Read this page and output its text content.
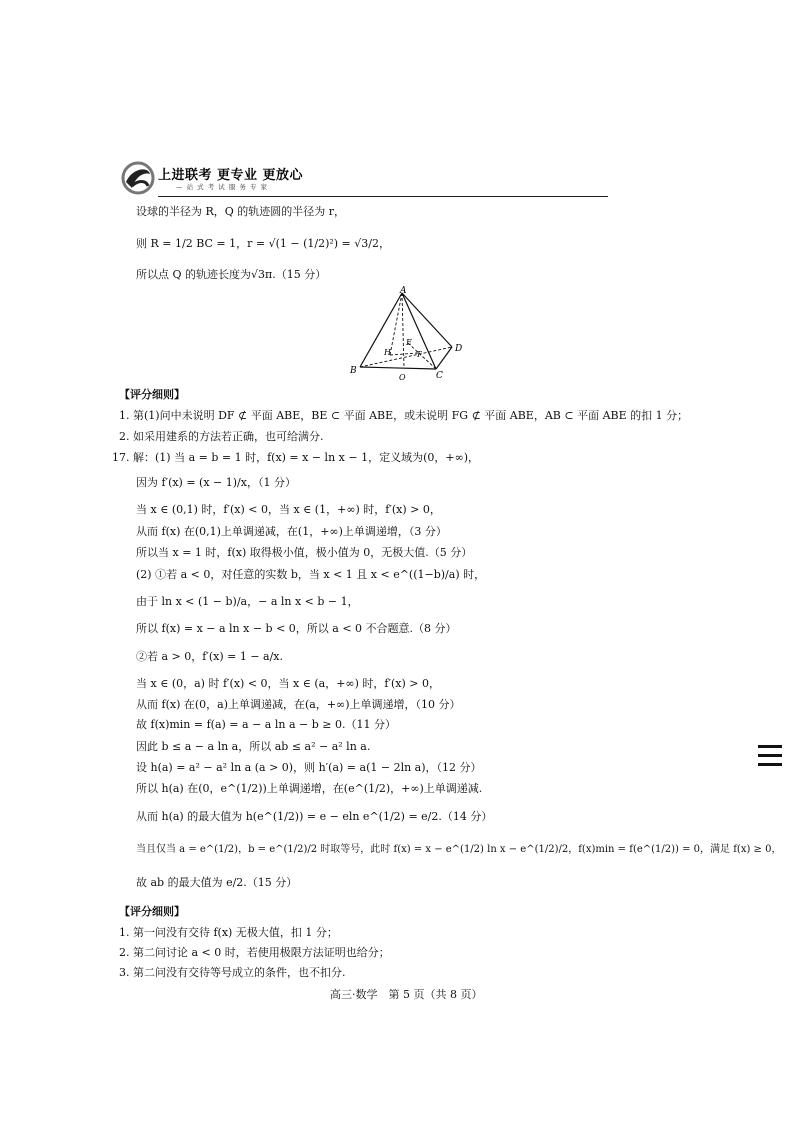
上进联考 更专业 更放心
— 站 式 考 试 服 务 专 家
设球的半径为 R，Q 的轨迹圆的半径为 r，
则 R = 1/2 BC = 1，r = √(1 − (1/2)²) = √3/2，
所以点 Q 的轨迹长度为√3π.（15 分）
A
B	C
D
E
H	T
O
【评分细则】
1. 第(1)问中未说明 DF ⊄ 平面 ABE，BE ⊂ 平面 ABE，或未说明 FG ⊄ 平面 ABE，AB ⊂ 平面 ABE 的扣 1 分；
2. 如采用建系的方法若正确，也可给满分.
17. 解：(1) 当 a = b = 1 时，f(x) = x − ln x − 1，定义域为(0，+∞)，
因为 f′(x) = (x − 1)/x，（1 分）
当 x ∈ (0,1) 时，f′(x) < 0，当 x ∈ (1，+∞) 时，f′(x) > 0，
从而 f(x) 在(0,1)上单调递减，在(1，+∞)上单调递增，（3 分）
所以当 x = 1 时，f(x) 取得极小值，极小值为 0，无极大值.（5 分）
(2) ①若 a < 0，对任意的实数 b，当 x < 1 且 x < e^((1−b)/a) 时，
由于 ln x < (1 − b)/a，− a ln x < b − 1，
所以 f(x) = x − a ln x − b < 0，所以 a < 0 不合题意.（8 分）
②若 a > 0，f′(x) = 1 − a/x.
当 x ∈ (0，a) 时 f′(x) < 0，当 x ∈ (a，+∞) 时，f′(x) > 0，
从而 f(x) 在(0，a)上单调递减，在(a，+∞)上单调递增，（10 分）
故 f(x)min = f(a) = a − a ln a − b ≥ 0.（11 分）
因此 b ≤ a − a ln a，所以 ab ≤ a² − a² ln a.
设 h(a) = a² − a² ln a (a > 0)，则 h′(a) = a(1 − 2ln a)，（12 分）
所以 h(a) 在(0，e^(1/2))上单调递增，在(e^(1/2)，+∞)上单调递减.
从而 h(a) 的最大值为 h(e^(1/2)) = e − eln e^(1/2) = e/2.（14 分）
当且仅当 a = e^(1/2)，b = e^(1/2)/2 时取等号，此时 f(x) = x − e^(1/2) ln x − e^(1/2)/2，f(x)min = f(e^(1/2)) = 0，满足 f(x) ≥ 0，
故 ab 的最大值为 e/2.（15 分）
【评分细则】
1. 第一问没有交待 f(x) 无极大值，扣 1 分；
2. 第二问讨论 a < 0 时，若使用极限方法证明也给分；
3. 第二问没有交待等号成立的条件，也不扣分.
高三·数学　第 5 页（共 8 页）
